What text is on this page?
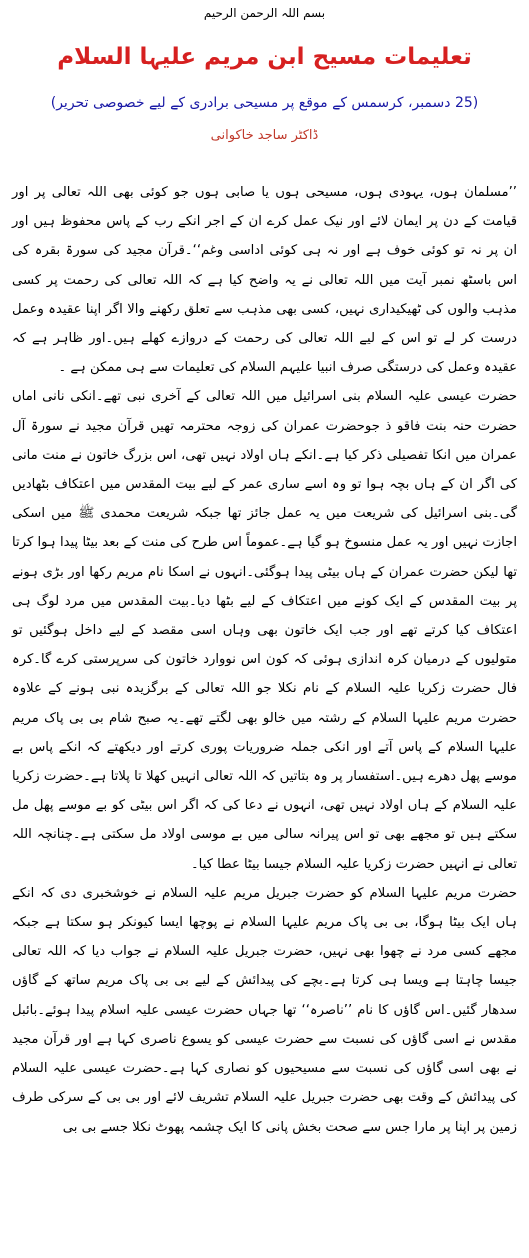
بسم اللہ الرحمن الرحیم
تعلیمات مسیح ابن مریم علیہا السلام
(25 دسمبر، کرسمس کے موقع پر مسیحی برادری کے لیے خصوصی تحریر)
ڈاکٹر ساجد خاکوانی

’’مسلمان ہوں، یہودی ہوں، مسیحی ہوں یا صابی ہوں جو کوئی بھی اللہ تعالی پر اور قیامت کے دن پر ایمان لائے اور نیک عمل کرے ان کے اجر انکے رب کے پاس محفوظ ہیں اور ان پر نہ تو کوئی خوف ہے اور نہ ہی کوئی اداسی وغم‘‘۔قرآن مجید کی سورۃ بقرہ کی اس باسٹھ نمبر آیت میں اللہ تعالی نے یہ واضح کیا ہے کہ اللہ تعالی کی رحمت پر کسی مذہب والوں کی ٹھیکیداری نہیں، کسی بھی مذہب سے تعلق رکھنے والا اگر اپنا عقیدہ وعمل درست کر لے تو اس کے لیے اللہ تعالی کی رحمت کے دروازے کھلے ہیں۔اور ظاہر ہے کہ عقیدہ وعمل کی درستگی صرف انبیا علیہم السلام کی تعلیمات سے ہی ممکن ہے ۔

حضرت عیسی علیہ السلام بنی اسرائیل میں اللہ تعالی کے آخری نبی تھے۔انکی نانی اماں حضرت حنہ بنت فاقو ذ جوحضرت عمران کی زوجہ محترمہ تھیں قرآن مجید نے سورۃ آل عمران میں انکا تفصیلی ذکر کیا ہے۔انکے ہاں اولاد نہیں تھی، اس بزرگ خاتون نے منت مانی کی اگر ان کے ہاں بچہ ہوا تو وہ اسے ساری عمر کے لیے بیت المقدس میں اعتکاف بٹھادیں گی۔بنی اسرائیل کی شریعت میں یہ عمل جائز تھا جبکہ شریعت محمدی ﷺ میں اسکی اجازت نہیں اور یہ عمل منسوخ ہو گیا ہے۔عموماً اس طرح کی منت کے بعد بیٹا پیدا ہوا کرتا تھا لیکن حضرت عمران کے ہاں بیٹی پیدا ہوگئی۔انہوں نے اسکا نام مریم رکھا اور بڑی ہونے پر بیت المقدس کے ایک کونے میں اعتکاف کے لیے بٹھا دیا۔بیت المقدس میں مرد لوگ ہی اعتکاف کیا کرتے تھے اور جب ایک خاتون بھی وہاں اسی مقصد کے لیے داخل ہوگئیں تو متولیوں کے درمیان کرہ اندازی ہوئی کہ کون اس نووارد خاتون کی سرپرستی کرے گا۔کرہ فال حضرت زکریا علیہ السلام کے نام نکلا جو اللہ تعالی کے برگزیدہ نبی ہونے کے علاوہ حضرت مریم علیہا السلام کے رشتہ میں خالو بھی لگتے تھے۔یہ صبح شام بی بی پاک مریم علیہا السلام کے پاس آتے اور انکی جملہ ضروریات پوری کرتے اور دیکھتے کہ انکے پاس بے موسے پھل دھرے ہیں۔استفسار پر وہ بتاتیں کہ اللہ تعالی انہیں کھلا تا پلاتا ہے۔حضرت زکریا علیہ السلام کے ہاں اولاد نہیں تھی، انہوں نے دعا کی کہ اگر اس بیٹی کو بے موسے پھل مل سکتے ہیں تو مجھے بھی تو اس پیرانہ سالی میں بے موسی اولاد مل سکتی ہے۔چنانچہ اللہ تعالی نے انہیں حضرت زکریا علیہ السلام جیسا بیٹا عطا کیا۔

حضرت مریم علیہا السلام کو حضرت جبریل مریم علیہ السلام نے خوشخبری دی کہ انکے ہاں ایک بیٹا ہوگا، بی بی پاک مریم علیہا السلام نے پوچھا ایسا کیونکر ہو سکتا ہے جبکہ مجھے کسی مرد نے چھوا بھی نہیں، حضرت جبریل علیہ السلام نے جواب دیا کہ اللہ تعالی جیسا چاہتا ہے ویسا ہی کرتا ہے۔بچے کی پیدائش کے لیے بی بی پاک مریم ساتھ کے گاؤں سدھار گئیں۔اس گاؤں کا نام ’’ناصرہ‘‘ تھا جہاں حضرت عیسی علیہ اسلام پیدا ہوئے۔بائبل مقدس نے اسی گاؤں کی نسبت سے حضرت عیسی کو یسوع ناصری کہا ہے اور قرآن مجید نے بھی اسی گاؤں کی نسبت سے مسیحیوں کو نصاری کہا ہے۔حضرت عیسی علیہ السلام کی پیدائش کے وقت بھی حضرت جبریل علیہ السلام تشریف لائے اور بی بی کے سرکی طرف زمین پر اپنا پر مارا جس سے صحت بخش پانی کا ایک چشمہ پھوٹ نکلا جسے بی بی
